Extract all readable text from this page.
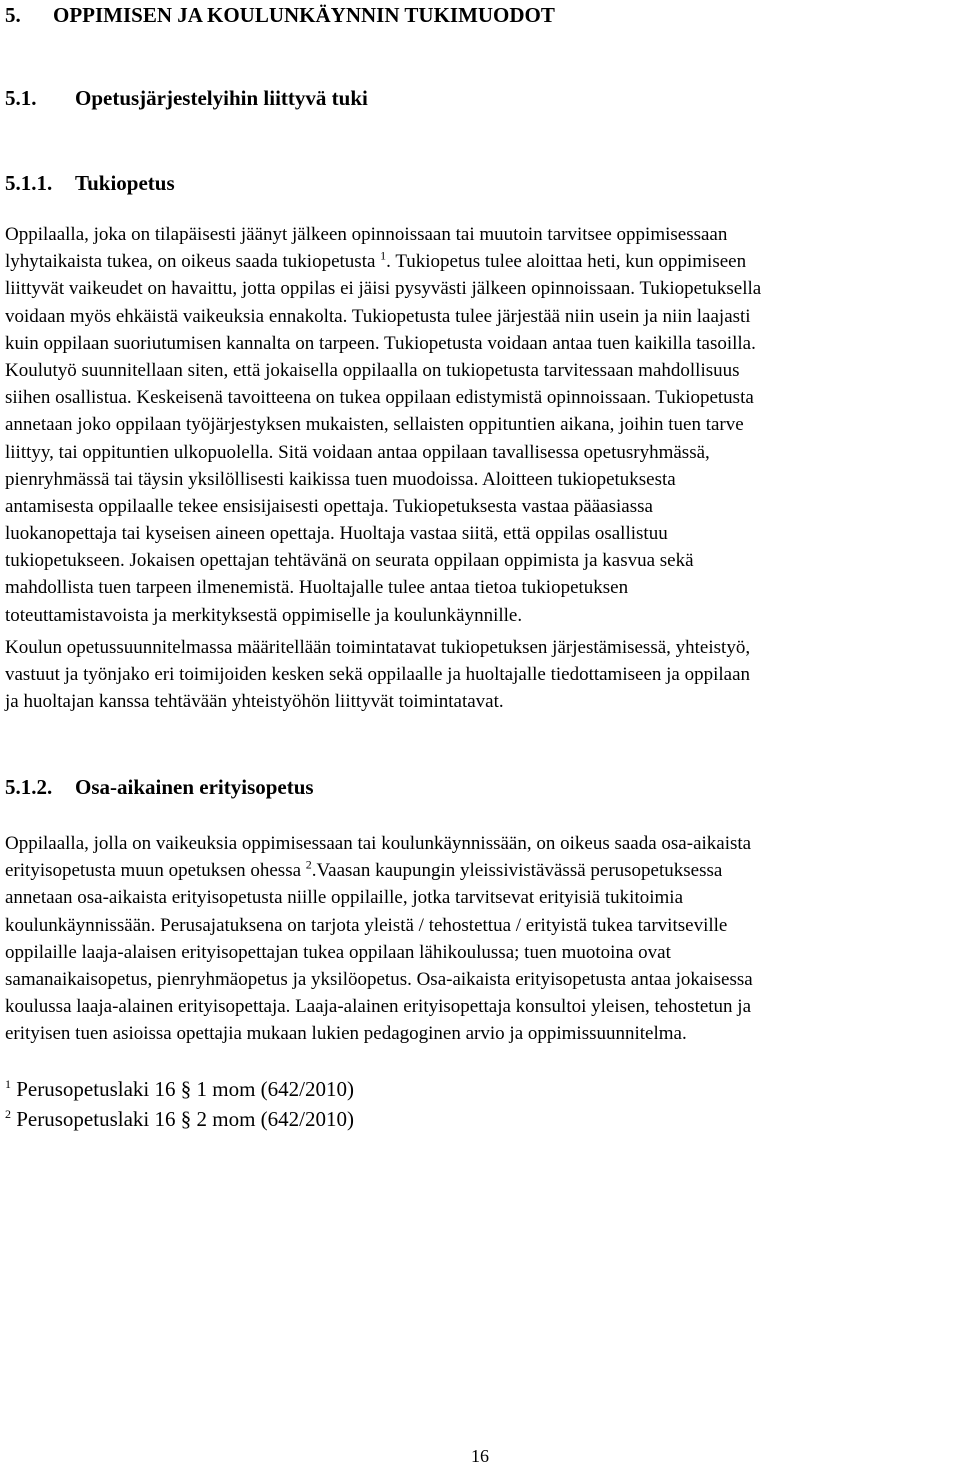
5. OPPIMISEN JA KOULUNKÄYNNIN TUKIMUODOT
5.1. Opetusjärjestelyihin liittyvä tuki
5.1.1. Tukiopetus
Oppilaalla, joka on tilapäisesti jäänyt jälkeen opinnoissaan tai muutoin tarvitsee oppimisessaan
lyhytaikaista tukea, on oikeus saada tukiopetusta $^1$. Tukiopetus tulee aloittaa heti, kun oppimiseen
liittyvät vaikeudet on havaittu, jotta oppilas ei jäisi pysyvästi jälkeen opinnoissaan. Tukiopetuksella
voidaan myös ehkäistä vaikeuksia ennakolta. Tukiopetusta tulee järjestää niin usein ja niin laajasti
kuin oppilaan suoriutumisen kannalta on tarpeen. Tukiopetusta voidaan antaa tuen kaikilla tasoilla.
Koulutyö suunnitellaan siten, että jokaisella oppilaalla on tukiopetusta tarvitessaan mahdollisuus
siihen osallistua. Keskeisenä tavoitteena on tukea oppilaan edistymistä opinnoissaan. Tukiopetusta
annetaan joko oppilaan työjärjestyksen mukaisten, sellaisten oppituntien aikana, joihin tuen tarve
liittyy, tai oppituntien ulkopuolella. Sitä voidaan antaa oppilaan tavallisessa opetusryhmässä,
pienryhmässä tai täysin yksilöllisesti kaikissa tuen muodoissa. Aloitteen tukiopetuksesta
antamisesta oppilaalle tekee ensisijaisesti opettaja. Tukiopetuksesta vastaa pääasiassa
luokanopettaja tai kyseisen aineen opettaja. Huoltaja vastaa siitä, että oppilas osallistuu
tukiopetukseen. Jokaisen opettajan tehtävänä on seurata oppilaan oppimista ja kasvua sekä
mahdollista tuen tarpeen ilmenemistä. Huoltajalle tulee antaa tietoa tukiopetuksen
toteuttamistavoista ja merkityksestä oppimiselle ja koulunkäynnille.
Koulun opetussuunnitelmassa määritellään toimintatavat tukiopetuksen järjestämisessä, yhteistyö,
vastuut ja työnjako eri toimijoiden kesken sekä oppilaalle ja huoltajalle tiedottamiseen ja oppilaan
ja huoltajan kanssa tehtävään yhteistyöhön liittyvät toimintatavat.
5.1.2. Osa-aikainen erityisopetus
Oppilaalla, jolla on vaikeuksia oppimisessaan tai koulunkäynnissään, on oikeus saada osa-aikaista
erityisopetusta muun opetuksen ohessa $^2$.Vaasan kaupungin yleissivistävässä perusopetuksessa
annetaan osa-aikaista erityisopetusta niille oppilaille, jotka tarvitsevat erityisiä tukitoimia
koulunkäynnissään. Perusajatuksena on tarjota yleistä / tehostettua / erityistä tukea tarvitseville
oppilaille laaja-alaisen erityisopettajan tukea oppilaan lähikoulussa; tuen muotoina ovat
samanaikaisopetus, pienryhmäopetus ja yksilöopetus. Osa-aikaista erityisopetusta antaa jokaisessa
koulussa laaja-alainen erityisopettaja. Laaja-alainen erityisopettaja konsultoi yleisen, tehostetun ja
erityisen tuen asioissa opettajia mukaan lukien pedagoginen arvio ja oppimissuunnitelma.
$^1$ Perusopetuslaki 16 § 1 mom (642/2010)
$^2$ Perusopetuslaki 16 § 2 mom (642/2010)
16
